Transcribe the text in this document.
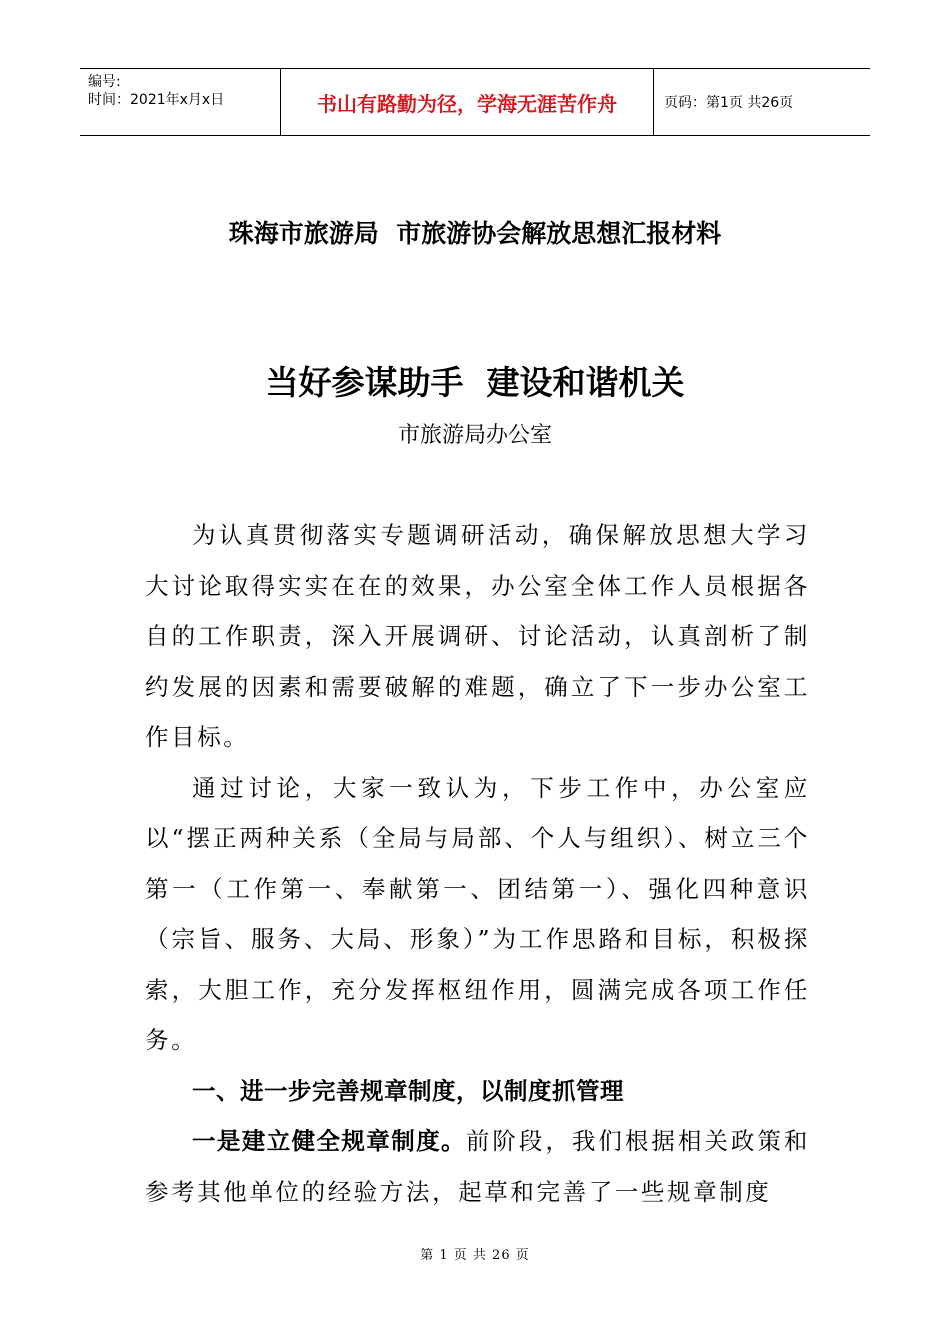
编号:
时间：2021年x月x日	书山有路勤为径，学海无涯苦作舟	页码：第1页 共26页
珠海市旅游局  市旅游协会解放思想汇报材料
当好参谋助手  建设和谐机关
市旅游局办公室

为认真贯彻落实专题调研活动，确保解放思想大学习大讨论取得实实在在的效果，办公室全体工作人员根据各自的工作职责，深入开展调研、讨论活动，认真剖析了制约发展的因素和需要破解的难题，确立了下一步办公室工作目标。

通过讨论，大家一致认为，下步工作中，办公室应以“摆正两种关系（全局与局部、个人与组织）、树立三个第一（工作第一、奉献第一、团结第一）、强化四种意识（宗旨、服务、大局、形象）”为工作思路和目标，积极探索，大胆工作，充分发挥枢纽作用，圆满完成各项工作任务。

一、进一步完善规章制度，以制度抓管理

一是建立健全规章制度。前阶段，我们根据相关政策和参考其他单位的经验方法，起草和完善了一些规章制度

第 1 页 共 26 页
